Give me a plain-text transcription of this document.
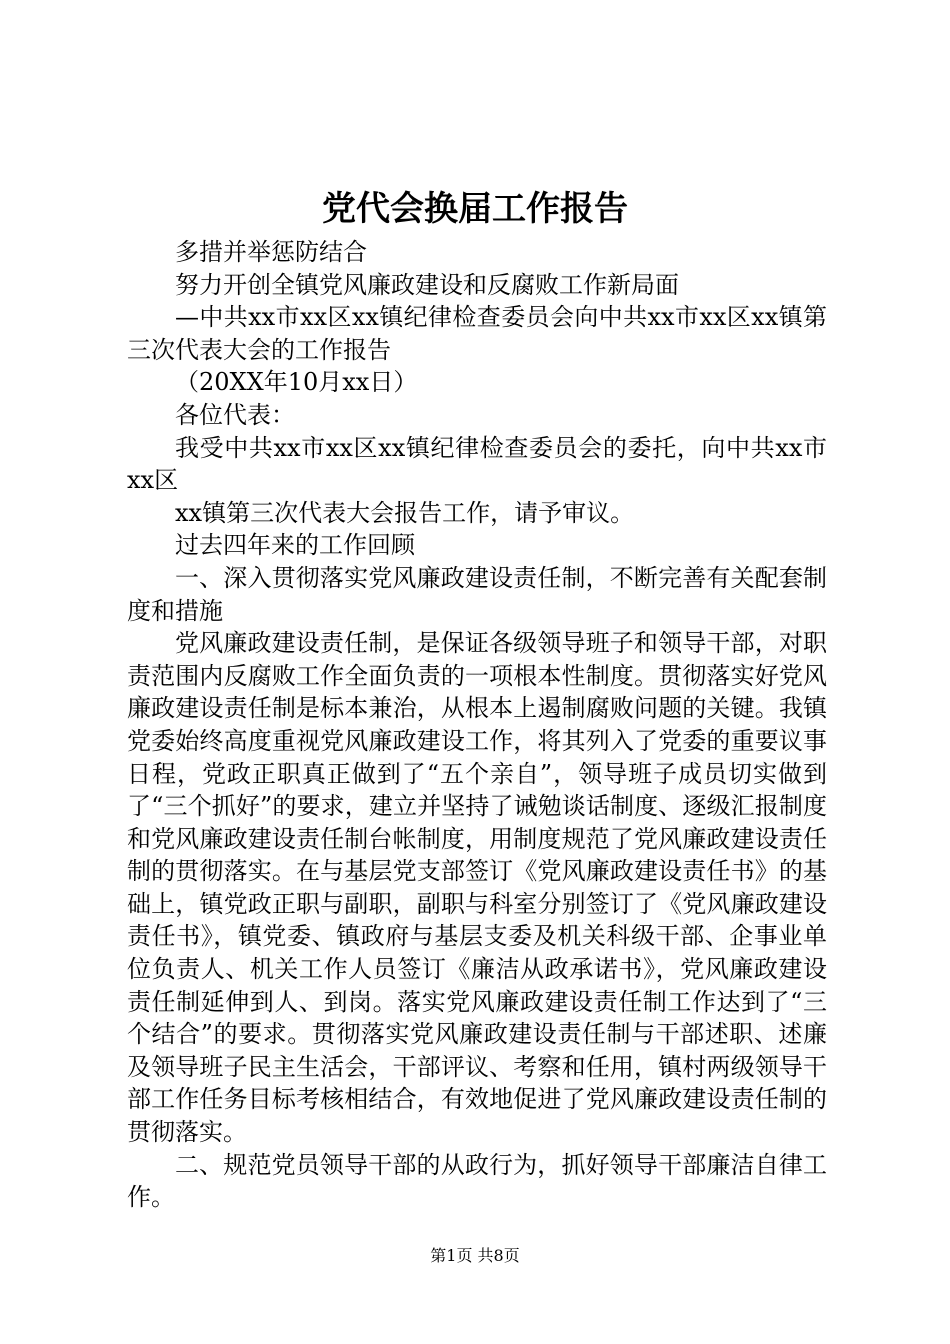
党代会换届工作报告

多措并举惩防结合

努力开创全镇党风廉政建设和反腐败工作新局面

—中共xx市xx区xx镇纪律检查委员会向中共xx市xx区xx镇第三次代表大会的工作报告

（20XX年10月xx日）

各位代表：

我受中共xx市xx区xx镇纪律检查委员会的委托，向中共xx市xx区

xx镇第三次代表大会报告工作，请予审议。

过去四年来的工作回顾

一、深入贯彻落实党风廉政建设责任制，不断完善有关配套制度和措施

党风廉政建设责任制，是保证各级领导班子和领导干部，对职责范围内反腐败工作全面负责的一项根本性制度。贯彻落实好党风廉政建设责任制是标本兼治，从根本上遏制腐败问题的关键。我镇党委始终高度重视党风廉政建设工作，将其列入了党委的重要议事日程，党政正职真正做到了“五个亲自”，领导班子成员切实做到了“三个抓好”的要求，建立并坚持了诫勉谈话制度、逐级汇报制度和党风廉政建设责任制台帐制度，用制度规范了党风廉政建设责任制的贯彻落实。在与基层党支部签订《党风廉政建设责任书》的基础上，镇党政正职与副职，副职与科室分别签订了《党风廉政建设责任书》，镇党委、镇政府与基层支委及机关科级干部、企事业单位负责人、机关工作人员签订《廉洁从政承诺书》，党风廉政建设责任制延伸到人、到岗。落实党风廉政建设责任制工作达到了“三个结合”的要求。贯彻落实党风廉政建设责任制与干部述职、述廉及领导班子民主生活会，干部评议、考察和任用，镇村两级领导干部工作任务目标考核相结合，有效地促进了党风廉政建设责任制的贯彻落实。

二、规范党员领导干部的从政行为，抓好领导干部廉洁自律工作。

第1页 共8页
